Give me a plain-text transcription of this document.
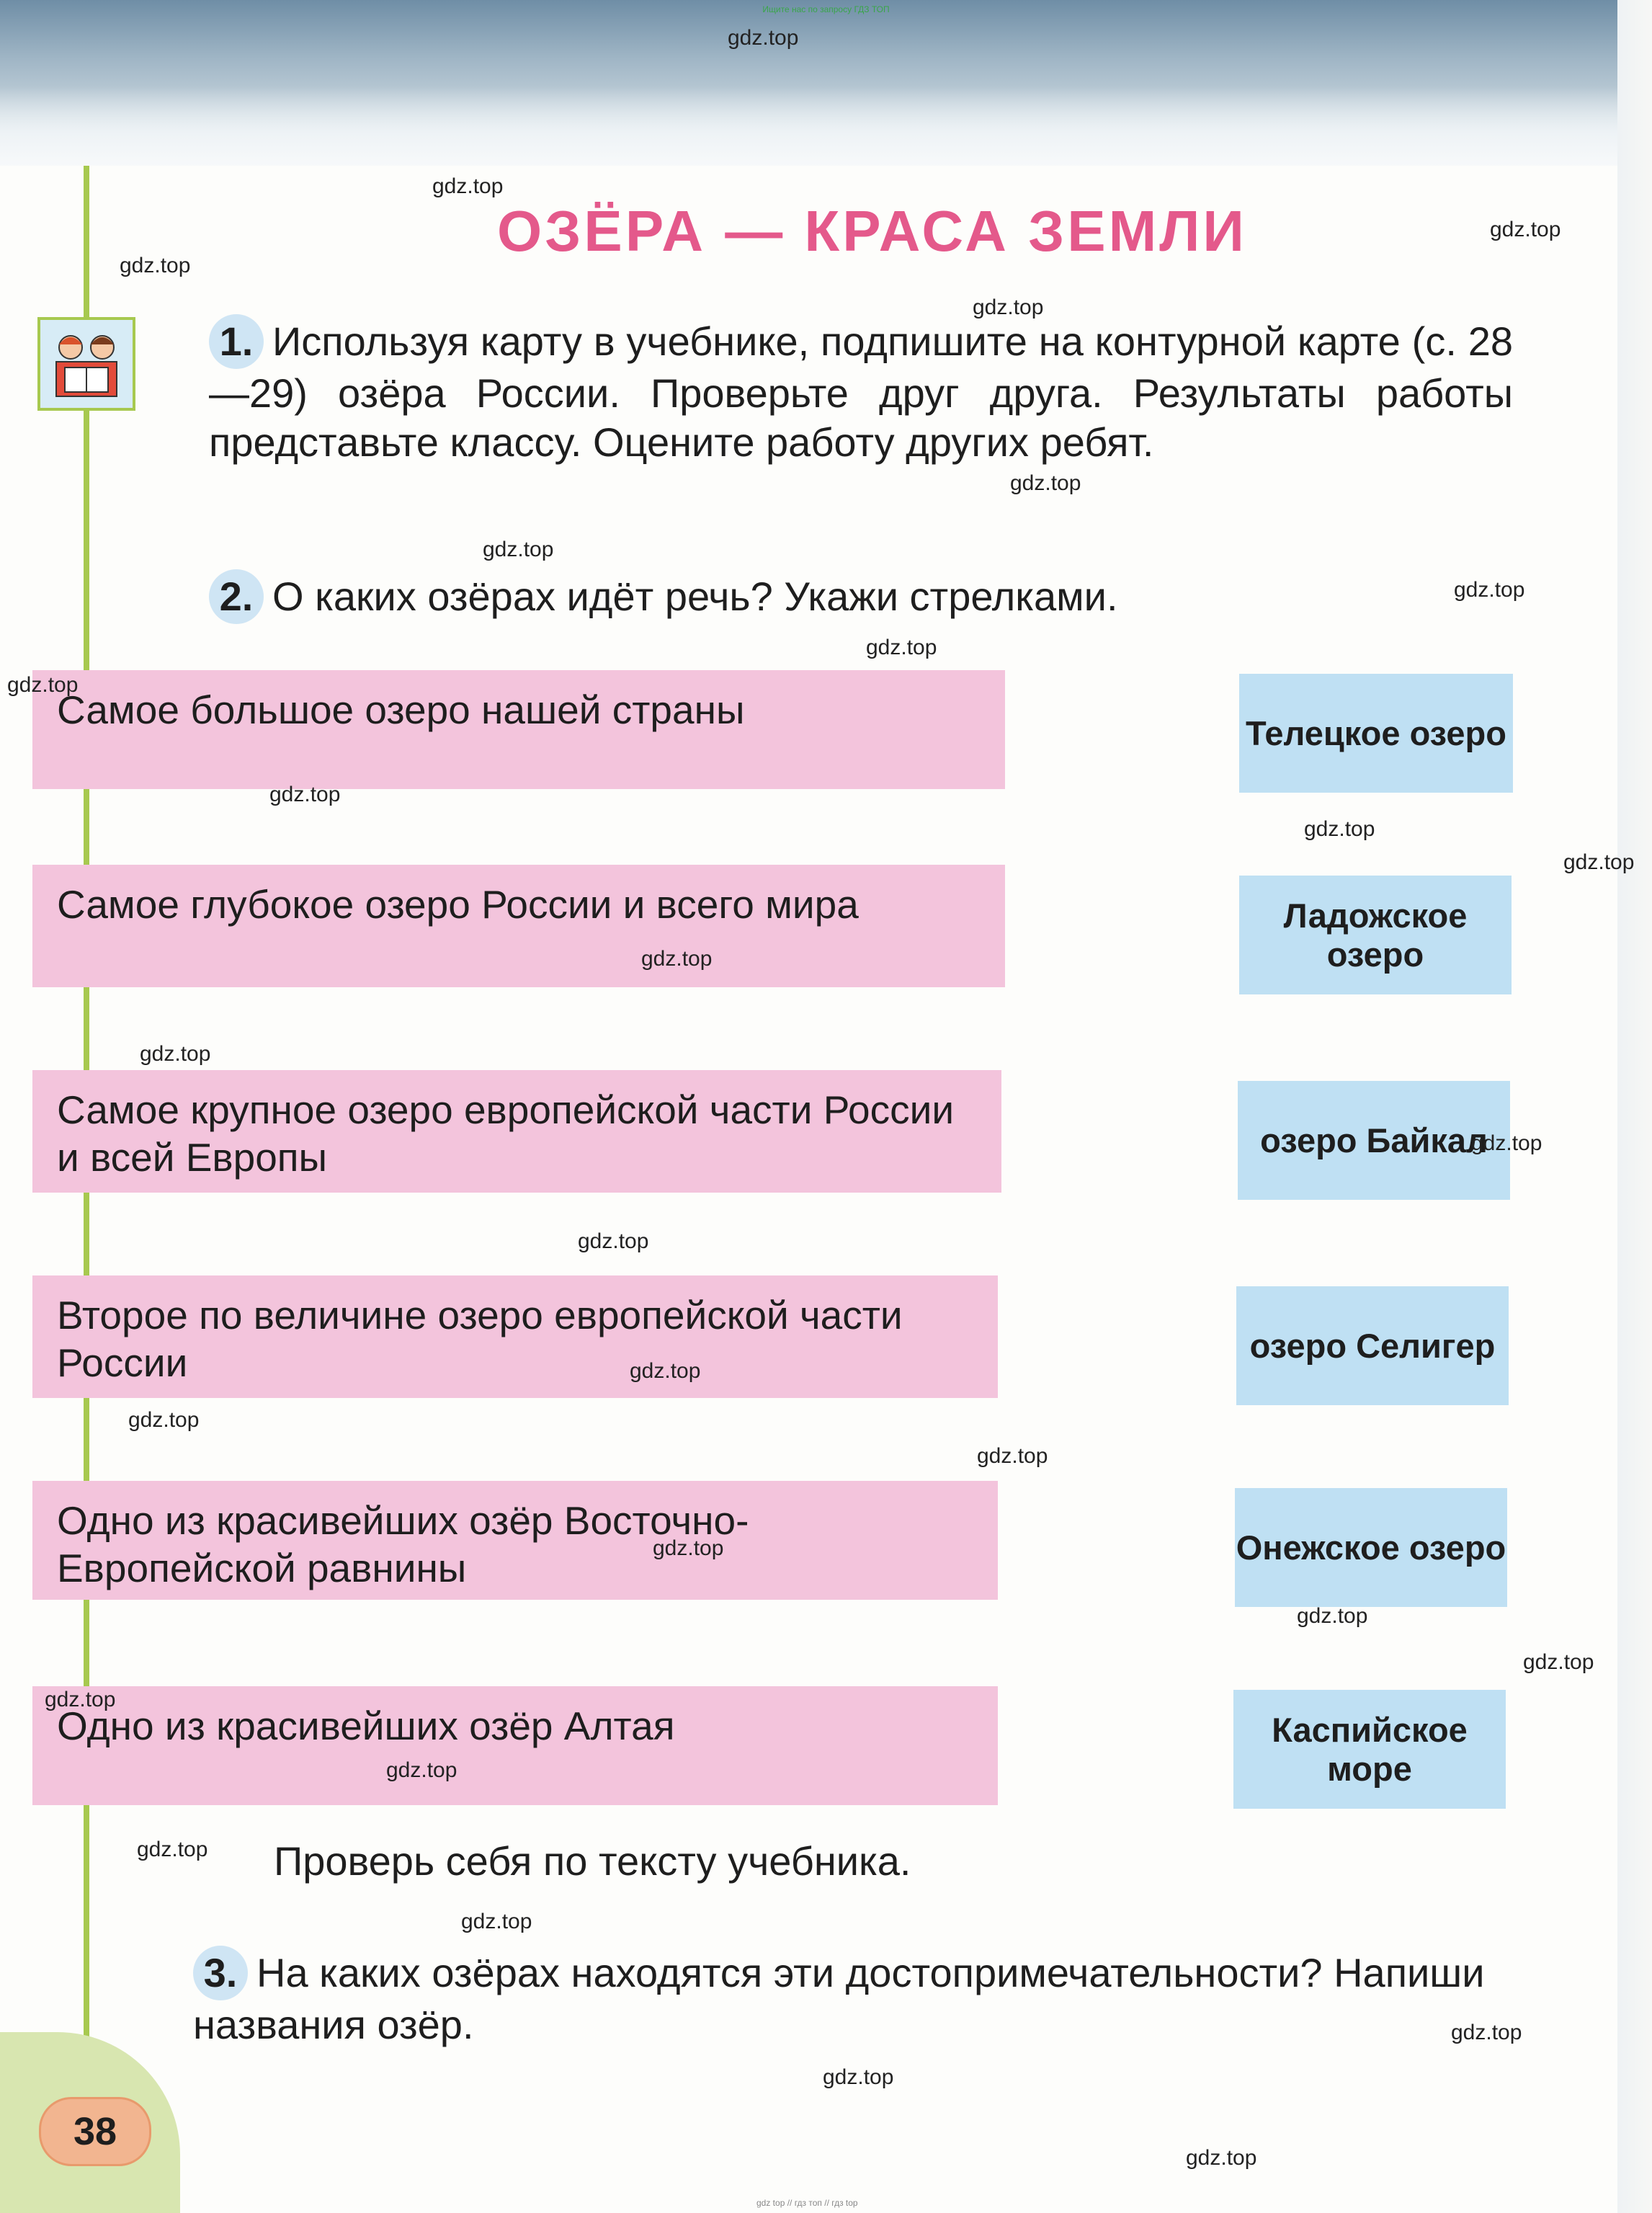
Ищите нас по запросу ГДЗ ТОП
38
ОЗЁРА — КРАСА ЗЕМЛИ
1. Используя карту в учебнике, подпишите на контурной карте (с. 28—29) озёра России. Проверьте друг друга. Результаты работы представьте классу. Оцените работу других ребят.
2. О каких озёрах идёт речь? Укажи стрелками.
Самое большое озеро нашей страны
Самое глубокое озеро России и всего мира
Самое крупное озеро европейской части России и всей Европы
Второе по величине озеро европейской части России
Одно из красивейших озёр Восточно-Европейской равнины
Одно из красивейших озёр Алтая
Телецкое озеро
Ладожское озеро
озеро Байкал
озеро Селигер
Онежское озеро
Каспийское море
Проверь себя по тексту учебника.
3. На каких озёрах находятся эти достопримечательности? Напиши названия озёр.
gdz.top
gdz.top
gdz.top
gdz.top
gdz.top
gdz.top
gdz.top
gdz.top
gdz.top
gdz.top
gdz.top
gdz.top
gdz.top
gdz.top
gdz.top
gdz.top
gdz.top
gdz.top
gdz.top
gdz.top
gdz.top
gdz.top
gdz.top
gdz.top
gdz.top
gdz.top
gdz.top
gdz.top
gdz.top
gdz.top
gdz top // гдз топ // гдз top
